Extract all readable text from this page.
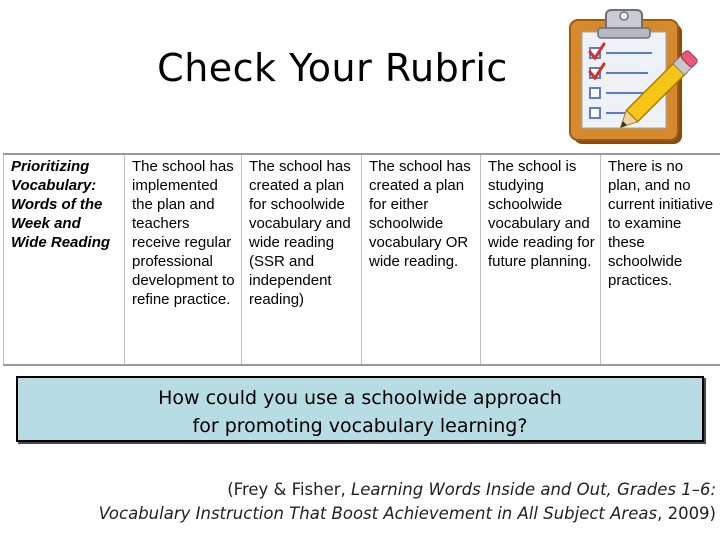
Check Your Rubric
Prioritizing Vocabulary: Words of the Week and Wide Reading	The school has implemented the plan and teachers receive regular professional development to refine practice.	The school has created a plan for schoolwide vocabulary and wide reading (SSR and independent reading)	The school has created a plan for either schoolwide vocabulary OR wide reading.	The school is studying schoolwide vocabulary and wide reading for future planning.	There is no plan, and no current initiative to examine these schoolwide practices.
How could you use a schoolwide approach
for promoting vocabulary learning?
(Frey & Fisher, Learning Words Inside and Out, Grades 1–6:
Vocabulary Instruction That Boost Achievement in All Subject Areas, 2009)
